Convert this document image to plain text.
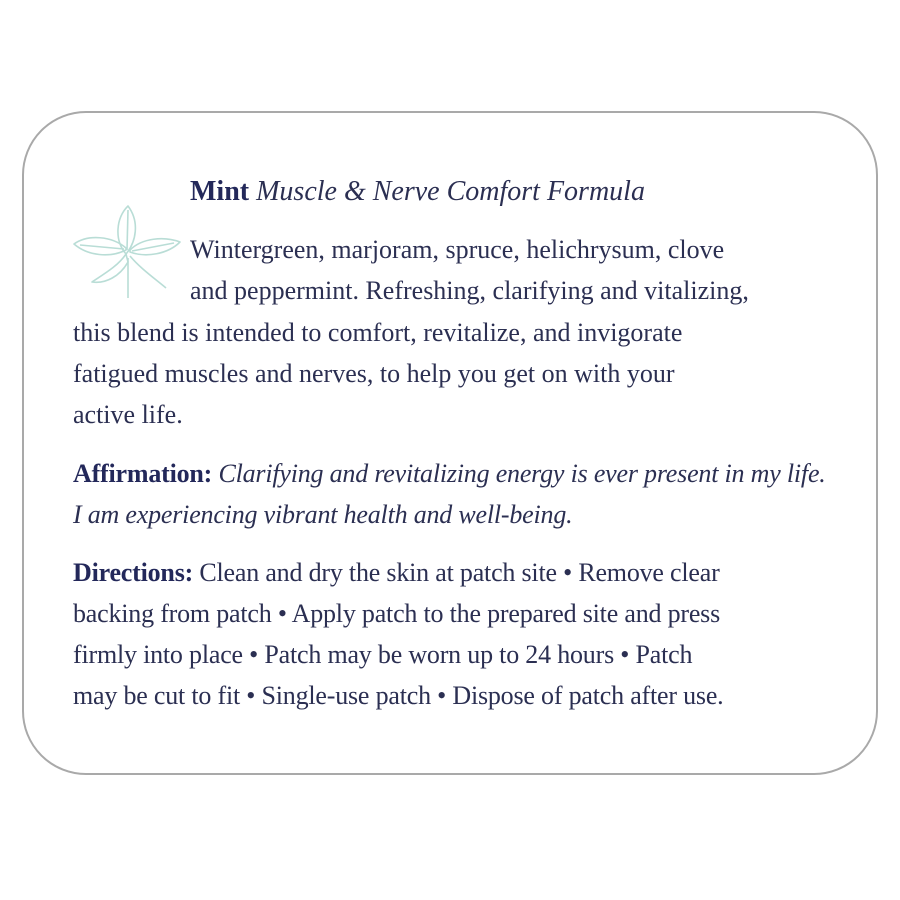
Mint Muscle & Nerve Comfort Formula
Wintergreen, marjoram, spruce, helichrysum, clove
and peppermint. Refreshing, clarifying and vitalizing,
this blend is intended to comfort, revitalize, and invigorate
fatigued muscles and nerves, to help you get on with your
active life.
Affirmation: Clarifying and revitalizing energy is ever present in my life.
I am experiencing vibrant health and well-being.
Directions: Clean and dry the skin at patch site • Remove clear
backing from patch • Apply patch to the prepared site and press
firmly into place • Patch may be worn up to 24 hours • Patch
may be cut to fit • Single-use patch • Dispose of patch after use.
